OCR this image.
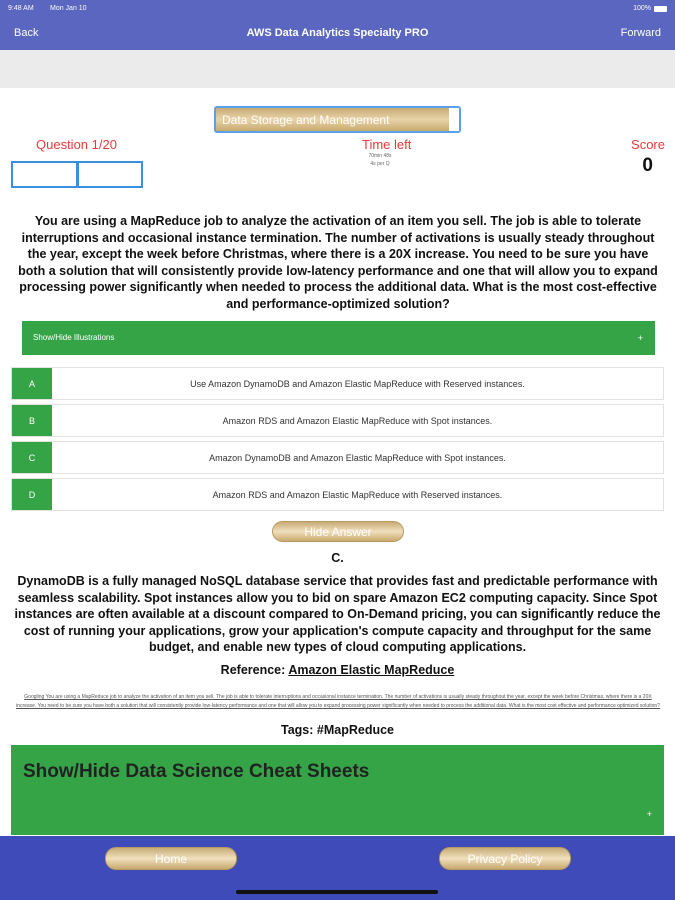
9:48 AM Mon Jan 10	100%
Back	AWS Data Analytics Specialty PRO	Forward
Data Storage and Management
Question 1/20	Time left
70min 48s
4s per Q
Score
0
You are using a MapReduce job to analyze the activation of an item you sell. The job is able to tolerate interruptions and occasional instance termination. The number of activations is usually steady throughout the year, except the week before Christmas, where there is a 20X increase. You need to be sure you have both a solution that will consistently provide low-latency performance and one that will allow you to expand processing power significantly when needed to process the additional data. What is the most cost-effective and performance-optimized solution?
Show/Hide Illustrations	+
A	Use Amazon DynamoDB and Amazon Elastic MapReduce with Reserved instances.
B	Amazon RDS and Amazon Elastic MapReduce with Spot instances.
C	Amazon DynamoDB and Amazon Elastic MapReduce with Spot instances.
D	Amazon RDS and Amazon Elastic MapReduce with Reserved instances.
Hide Answer
C.
DynamoDB is a fully managed NoSQL database service that provides fast and predictable performance with seamless scalability. Spot instances allow you to bid on spare Amazon EC2 computing capacity. Since Spot instances are often available at a discount compared to On-Demand pricing, you can significantly reduce the cost of running your applications, grow your application's compute capacity and throughput for the same budget, and enable new types of cloud computing applications.
Reference: Amazon Elastic MapReduce
Googling You are using a MapReduce job to analyze the activation of an item you sell. The job is able to tolerate interruptions and occasional instance termination. The number of activations is usually steady throughout the year, except the week before Christmas, where there is a 20X increase. You need to be sure you have both a solution that will consistently provide low-latency performance and one that will allow you to expand processing power significantly when needed to process the additional data. What is the most cost effective and performance optimized solution?
Tags: #MapReduce
Show/Hide Data Science Cheat Sheets
+
Home	Privacy Policy
